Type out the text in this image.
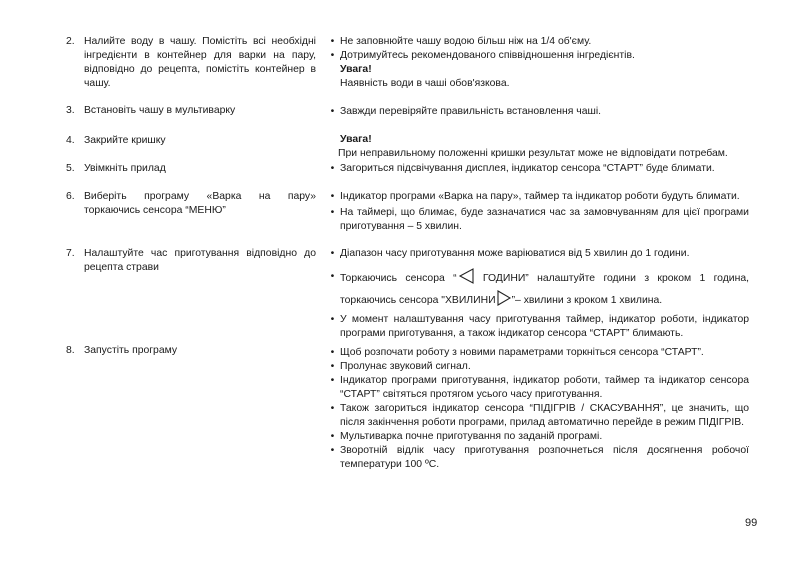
2. Налийте воду в чашу. Помістіть всі необхідні інгредієнти в контейнер для варки на пару, відповідно до рецепта, помістіть контейнер в чашу.
3. Встановіть чашу в мультиварку
4. Закрийте кришку
5. Увімкніть прилад
6. Виберіть програму «Варка на пару» торкаючись сенсора “МЕНЮ”
7. Налаштуйте час приготування відповідно до рецепта страви
8. Запустіть програму
• Не заповнюйте чашу водою більш ніж на 1/4 об'єму.
• Дотримуйтесь рекомендованого співвідношення інгредієнтів.
Увага!
Наявність води в чаші обов'язкова.
• Завжди перевіряйте правильність встановлення чаші.
Увага!
При неправильному положенні кришки результат може не відповідати потребам.
• Загориться підсвічування дисплея, індикатор сенсора “СТАРТ” буде блимати.
• Індикатор програми «Варка на пару», таймер та індикатор роботи будуть блимати.
• На таймері, що блимає, буде зазначатися час за замовчуванням для цієї програми приготування – 5 хвилин.
• Діапазон часу приготування може варіюватися від 5 хвилин до 1 години.
• Торкаючись сенсора “ ГОДИНИ” налаштуйте години з кроком 1 година, торкаючись сенсора "ХВИЛИНИ ”– хвилини з кроком 1 хвилина.
• У момент налаштування часу приготування таймер, індикатор роботи, індикатор програми приготування, а також індикатор сенсора “СТАРТ” блимають.
• Щоб розпочати роботу з новими параметрами торкніться сенсора “СТАРТ”.
• Пролунає звуковий сигнал.
• Індикатор програми приготування, індикатор роботи, таймер та індикатор сенсора “СТАРТ” світяться протягом усього часу приготування.
• Також загориться індикатор сенсора “ПІДІГРІВ / СКАСУВАННЯ”, це значить, що після закінчення роботи програми, прилад автоматично перейде в режим ПІДІГРІВ.
• Мультиварка почне приготування по заданій програмі.
• Зворотній відлік часу приготування розпочнеться після досягнення робочої температури 100 ºС.
99
